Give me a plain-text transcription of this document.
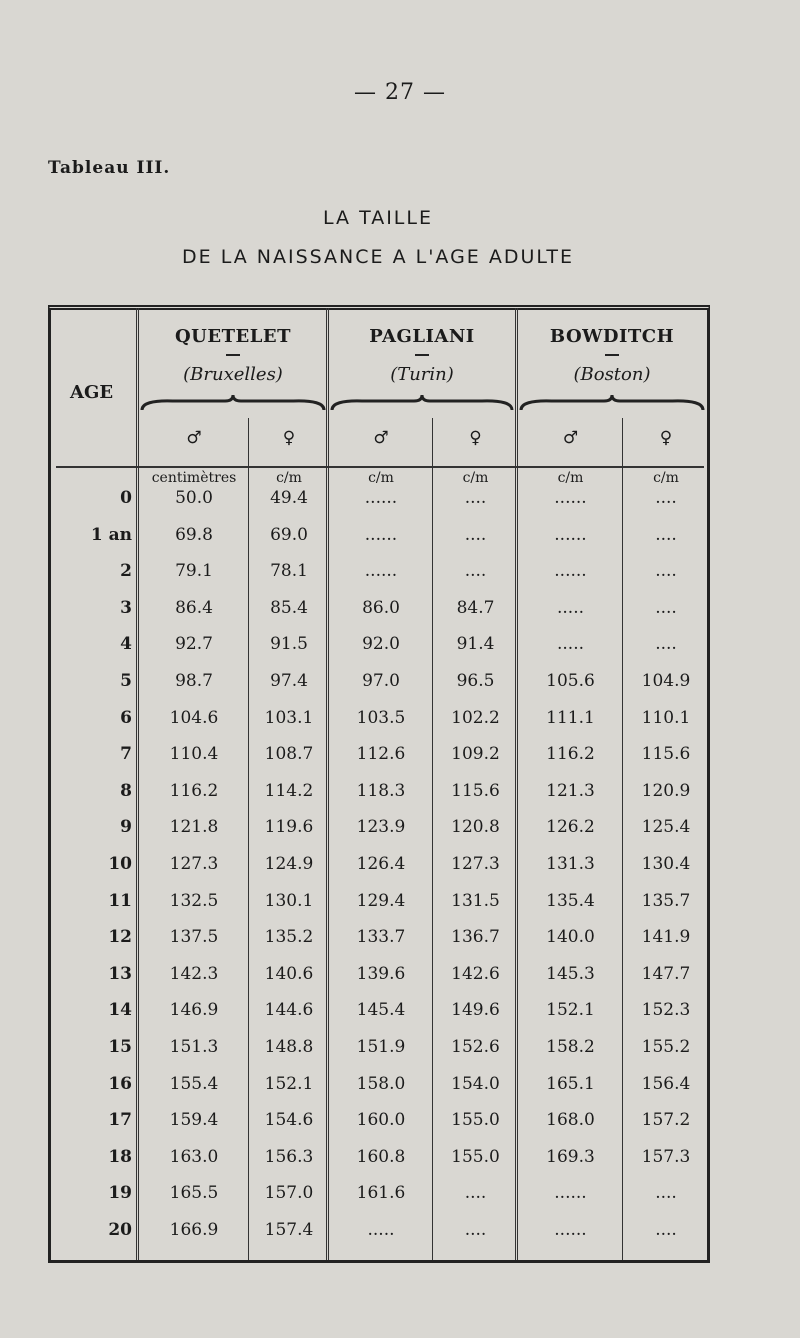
— 27 —
Tableau III.
LA TAILLE
DE LA NAISSANCE A L'AGE ADULTE
QUETELET
(Bruxelles)
PAGLIANI
(Turin)
BOWDITCH
(Boston)
AGE
♂	♀
centimètres	c/m
♂	♀
c/m	c/m
♂	♀
c/m	c/m
0	50.0	49.4	......	....	......	....
1 an	69.8	69.0	......	....	......	....
2	79.1	78.1	......	....	......	....
3	86.4	85.4	86.0	84.7	.....	....
4	92.7	91.5	92.0	91.4	.....	....
5	98.7	97.4	97.0	96.5	105.6	104.9
6	104.6	103.1	103.5	102.2	111.1	110.1
7	110.4	108.7	112.6	109.2	116.2	115.6
8	116.2	114.2	118.3	115.6	121.3	120.9
9	121.8	119.6	123.9	120.8	126.2	125.4
10	127.3	124.9	126.4	127.3	131.3	130.4
11	132.5	130.1	129.4	131.5	135.4	135.7
12	137.5	135.2	133.7	136.7	140.0	141.9
13	142.3	140.6	139.6	142.6	145.3	147.7
14	146.9	144.6	145.4	149.6	152.1	152.3
15	151.3	148.8	151.9	152.6	158.2	155.2
16	155.4	152.1	158.0	154.0	165.1	156.4
17	159.4	154.6	160.0	155.0	168.0	157.2
18	163.0	156.3	160.8	155.0	169.3	157.3
19	165.5	157.0	161.6	....	......	....
20	166.9	157.4	.....	....	......	....
